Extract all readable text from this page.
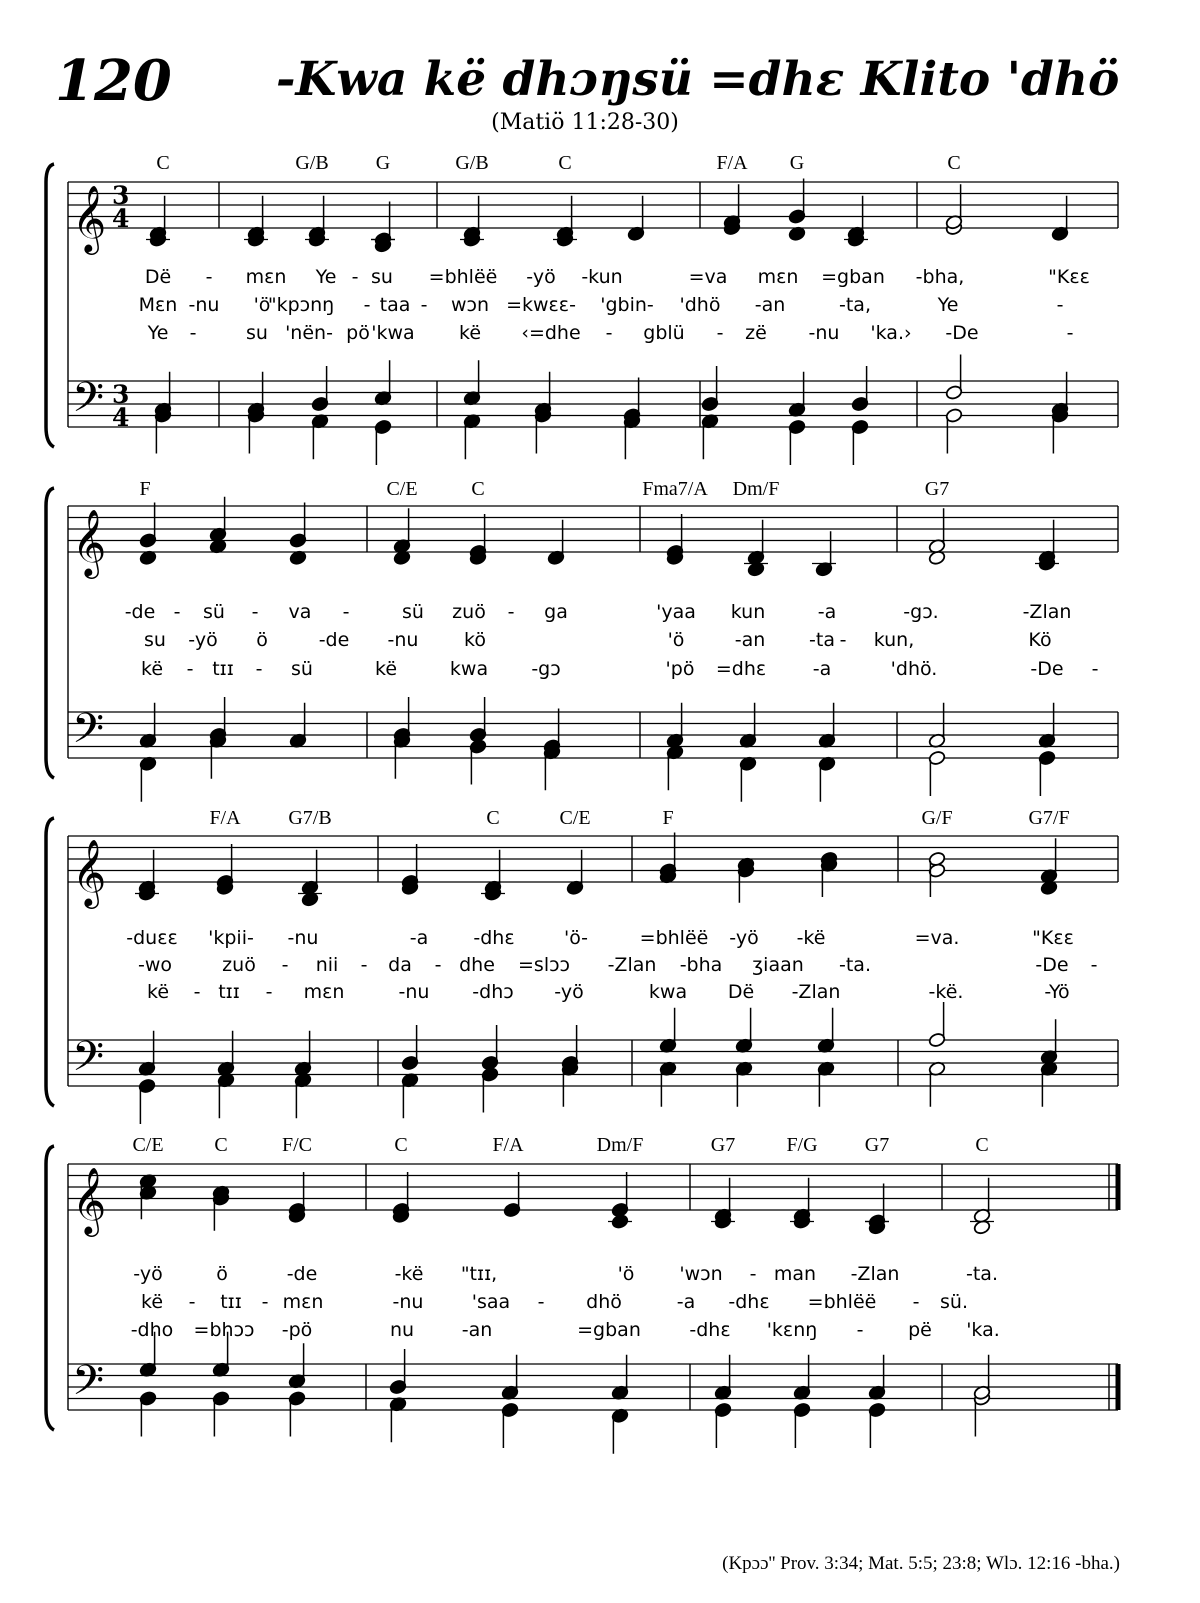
120 -Kwa kë dhɔŋsü =dhɛ Klito 'dhö
(Matiö 11:28-30)
𝄞
𝄢
3
4
3
4
𝄞
𝄢
𝄞
𝄢
𝄞
𝄢
C	G/B G	G/B	C	F/A G	C
Dë - mɛn Ye - su =bhlëë -yö -kun	=va mɛn =gban -bha,	"Kɛɛ
Mɛn -nu 'ö
"kpɔnŋ - taa - wɔn =kwɛɛ- 'gbin- 'dhö -an	-ta,	Ye	-
Ye -	su 'nën- pö 'kwa kë ‹=dhe - gblü - zë -nu 'ka.› -De	-
F	C/E	C	Fma7/A Dm/F	G7
-de - sü - va -	sü zuö - ga	'yaa kun	-a	-gɔ.	-Zlan
su -yö ö	-de -nu kö	'ö	-an -ta - kun,	Kö
kë - tɪɪ - sü	kë	kwa -gɔ	'pö =dhɛ -a	'dhö.	-De -
F/A G7/B	C	C/E	F	G/F	G7/F
-duɛɛ 'kpii- -nu	-a -dhɛ	'ö-	=bhlëë -yö -kë	=va.	"Kɛɛ
-wo	zuö - nii - da - dhe =slɔɔ -Zlan -bha ʒiaan -ta.	-De -
kë - tɪɪ - mɛn	-nu -dhɔ -yö	kwa Dë -Zlan	-kë.	-Yö
C/E	C	F/C	C	F/A	Dm/F	G7	F/G G7	C
-yö	ö	-de	-kë "tɪɪ,	'ö 'wɔn - man -Zlan	-ta.
kë - tɪɪ - mɛn	-nu	'saa - dhö	-a -dhɛ =bhlëë - sü.
-dho =bhɔɔ -pö	nu	-an	=gban	-dhɛ 'kɛnŋ - pë 'ka.
(Kpɔɔ'' Prov. 3:34; Mat. 5:5; 23:8; Wlɔ. 12:16 -bha.)
